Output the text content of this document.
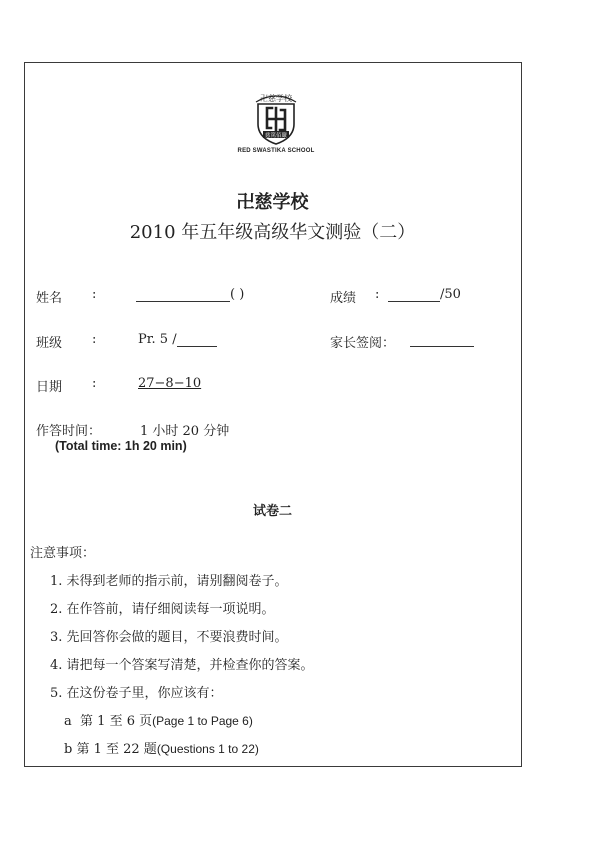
卍慈学校
慈篤佰嚴
RED SWASTIKA SCHOOL
卍慈学校
2010 年五年级高级华文测验（二）
姓名 :	( )	成绩 :	/50
班级 :	Pr. 5 /	家长签阅：
日期 :	27−8−10
作答时间：	1 小时 20 分钟
(Total time: 1h 20 min)
试卷二
注意事项：
1. 未得到老师的指示前，请别翻阅卷子。
2. 在作答前，请仔细阅读每一项说明。
3. 先回答你会做的题目，不要浪费时间。
4. 请把每一个答案写清楚，并检查你的答案。
5. 在这份卷子里，你应该有：
a 第 1 至 6 页(Page 1 to Page 6)
b 第 1 至 22 题(Questions 1 to 22)
